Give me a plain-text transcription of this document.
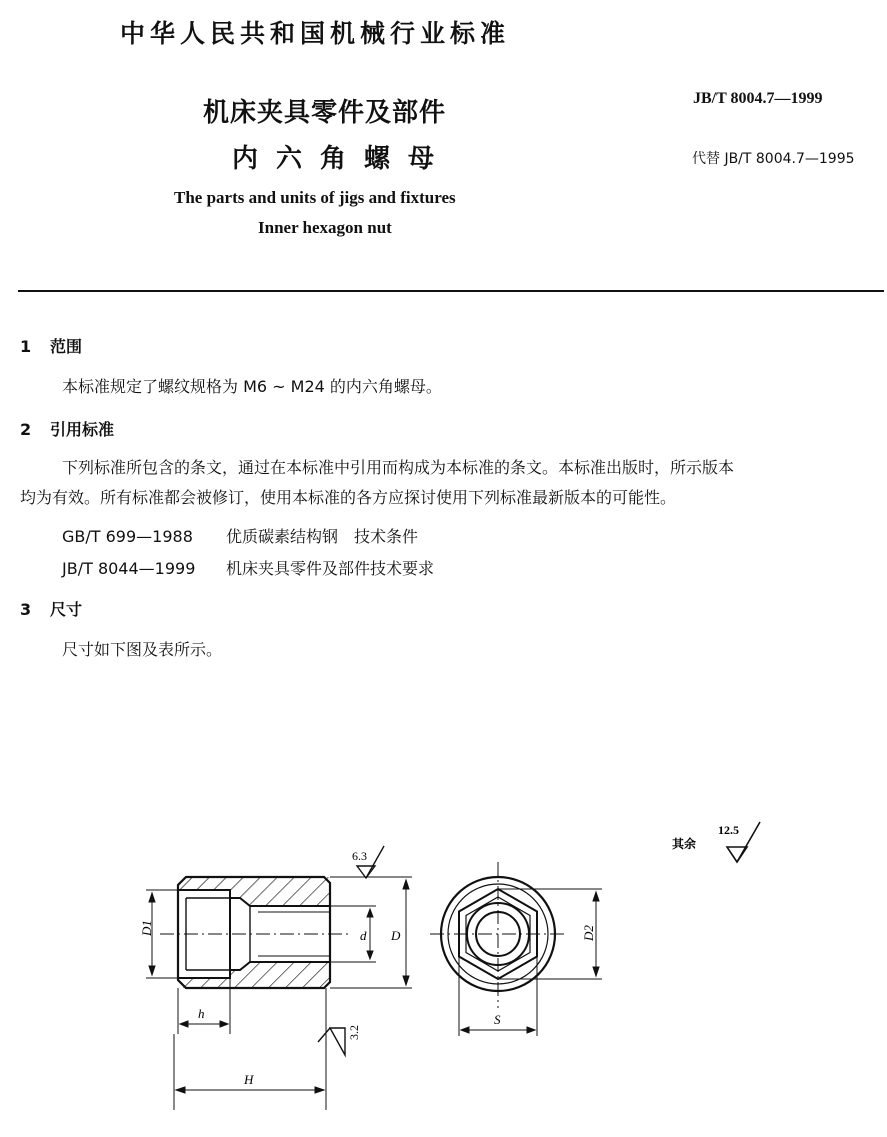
中华人民共和国机械行业标准
机床夹具零件及部件
内六角螺母
JB/T 8004.7—1999
代替 JB/T 8004.7—1995
The parts and units of jigs and fixtures
Inner hexagon nut
1 范围
本标准规定了螺纹规格为 M6 ~ M24 的内六角螺母。
2 引用标准
下列标准所包含的条文，通过在本标准中引用而构成为本标准的条文。本标准出版时，所示版本
均为有效。所有标准都会被修订，使用本标准的各方应探讨使用下列标准最新版本的可能性。
GB/T 699—1988 优质碳素结构钢　技术条件
JB/T 8044—1999 机床夹具零件及部件技术要求
3 尺寸
尺寸如下图及表所示。
其余
12.5
D1	d D
6.3
3.2
h
H
D2
S
